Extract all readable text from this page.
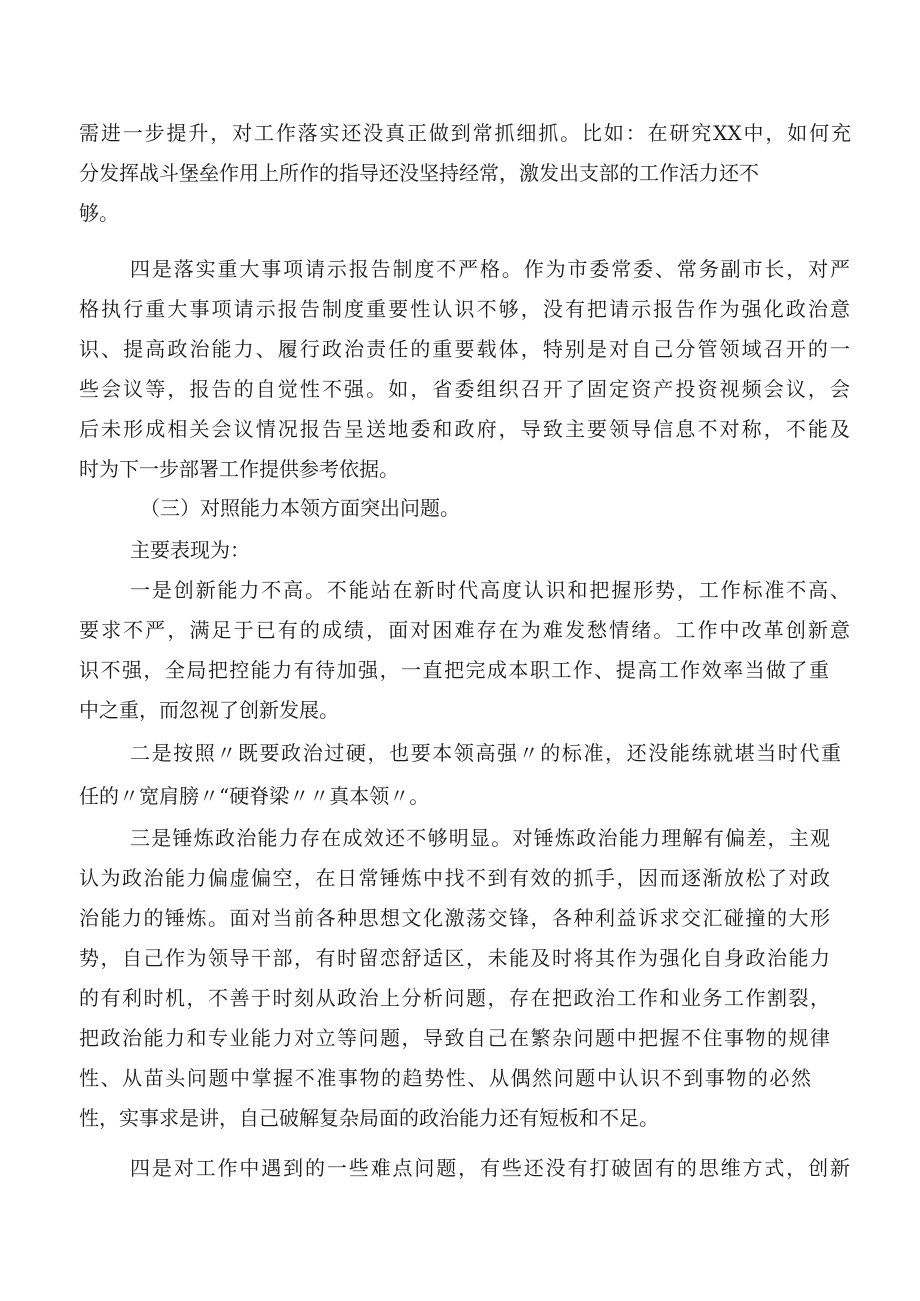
需进一步提升，对工作落实还没真正做到常抓细抓。比如：在研究XX中，如何充
分发挥战斗堡垒作用上所作的指导还没坚持经常，激发出支部的工作活力还不
够。
四是落实重大事项请示报告制度不严格。作为市委常委、常务副市长，对严
格执行重大事项请示报告制度重要性认识不够，没有把请示报告作为强化政治意
识、提高政治能力、履行政治责任的重要载体，特别是对自己分管领域召开的一
些会议等，报告的自觉性不强。如，省委组织召开了固定资产投资视频会议，会
后未形成相关会议情况报告呈送地委和政府，导致主要领导信息不对称，不能及
时为下一步部署工作提供参考依据。
（三）对照能力本领方面突出问题。
主要表现为：
一是创新能力不高。不能站在新时代高度认识和把握形势，工作标准不高、
要求不严，满足于已有的成绩，面对困难存在为难发愁情绪。工作中改革创新意
识不强，全局把控能力有待加强，一直把完成本职工作、提高工作效率当做了重
中之重，而忽视了创新发展。
二是按照〃既要政治过硬，也要本领高强〃的标准，还没能练就堪当时代重
任的〃宽肩膀〃“硬脊梁〃〃真本领〃。
三是锤炼政治能力存在成效还不够明显。对锤炼政治能力理解有偏差，主观
认为政治能力偏虚偏空，在日常锤炼中找不到有效的抓手，因而逐渐放松了对政
治能力的锤炼。面对当前各种思想文化激荡交锋，各种利益诉求交汇碰撞的大形
势，自己作为领导干部，有时留恋舒适区，未能及时将其作为强化自身政治能力
的有利时机，不善于时刻从政治上分析问题，存在把政治工作和业务工作割裂，
把政治能力和专业能力对立等问题，导致自己在繁杂问题中把握不住事物的规律
性、从苗头问题中掌握不准事物的趋势性、从偶然问题中认识不到事物的必然
性，实事求是讲，自己破解复杂局面的政治能力还有短板和不足。
四是对工作中遇到的一些难点问题，有些还没有打破固有的思维方式，创新
